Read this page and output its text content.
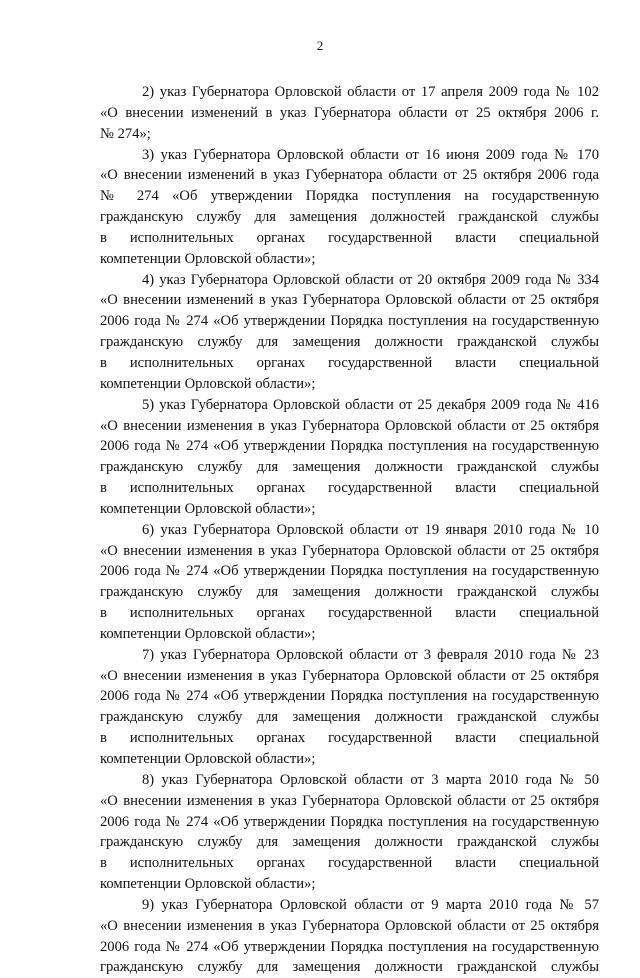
2
2) указ Губернатора Орловской области от 17 апреля 2009 года № 102
«О внесении изменений в указ Губернатора области от 25 октября 2006 г.
№ 274»;
3) указ Губернатора Орловской области от 16 июня 2009 года № 170
«О внесении изменений в указ Губернатора области от 25 октября 2006 года
№ 274 «Об утверждении Порядка поступления на государственную
гражданскую службу для замещения должностей гражданской службы
в исполнительных органах государственной власти специальной
компетенции Орловской области»;
4) указ Губернатора Орловской области от 20 октября 2009 года № 334
«О внесении изменений в указ Губернатора Орловской области от 25 октября
2006 года № 274 «Об утверждении Порядка поступления на государственную
гражданскую службу для замещения должности гражданской службы
в исполнительных органах государственной власти специальной
компетенции Орловской области»;
5) указ Губернатора Орловской области от 25 декабря 2009 года № 416
«О внесении изменения в указ Губернатора Орловской области от 25 октября
2006 года № 274 «Об утверждении Порядка поступления на государственную
гражданскую службу для замещения должности гражданской службы
в исполнительных органах государственной власти специальной
компетенции Орловской области»;
6) указ Губернатора Орловской области от 19 января 2010 года № 10
«О внесении изменения в указ Губернатора Орловской области от 25 октября
2006 года № 274 «Об утверждении Порядка поступления на государственную
гражданскую службу для замещения должности гражданской службы
в исполнительных органах государственной власти специальной
компетенции Орловской области»;
7) указ Губернатора Орловской области от 3 февраля 2010 года № 23
«О внесении изменения в указ Губернатора Орловской области от 25 октября
2006 года № 274 «Об утверждении Порядка поступления на государственную
гражданскую службу для замещения должности гражданской службы
в исполнительных органах государственной власти специальной
компетенции Орловской области»;
8) указ Губернатора Орловской области от 3 марта 2010 года № 50
«О внесении изменения в указ Губернатора Орловской области от 25 октября
2006 года № 274 «Об утверждении Порядка поступления на государственную
гражданскую службу для замещения должности гражданской службы
в исполнительных органах государственной власти специальной
компетенции Орловской области»;
9) указ Губернатора Орловской области от 9 марта 2010 года № 57
«О внесении изменения в указ Губернатора Орловской области от 25 октября
2006 года № 274 «Об утверждении Порядка поступления на государственную
гражданскую службу для замещения должности гражданской службы
